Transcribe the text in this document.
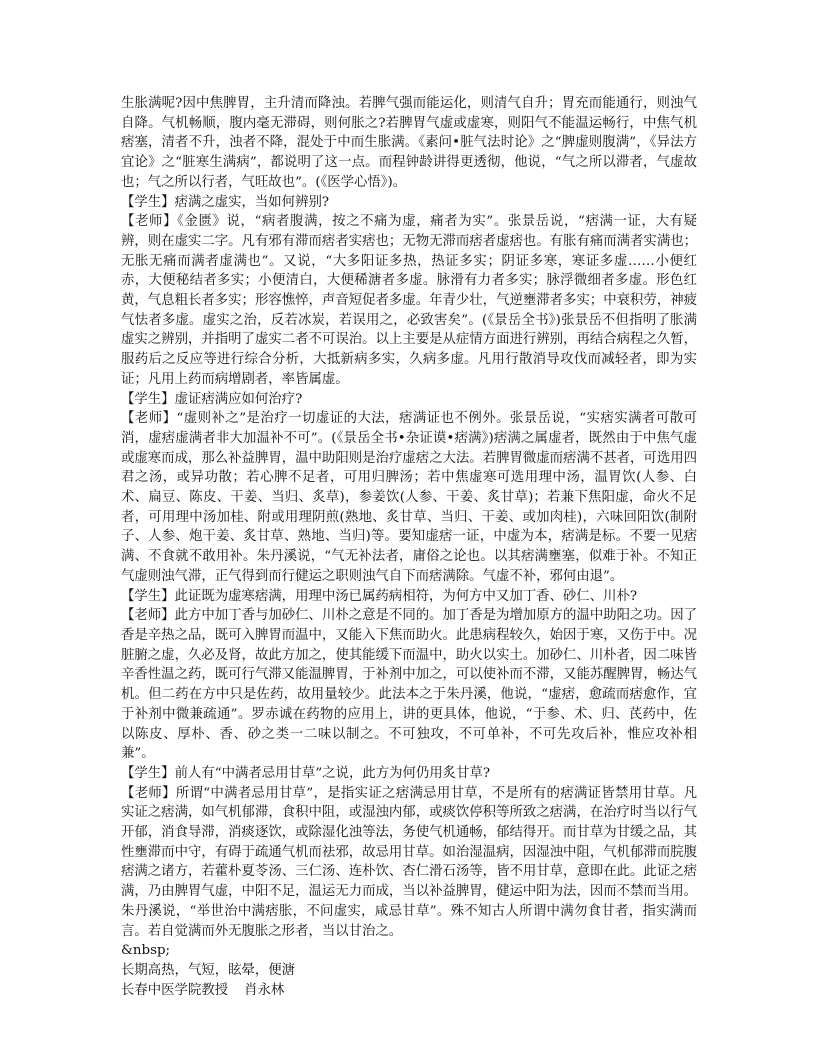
生胀满呢?因中焦脾胃，主升清而降浊。若脾气强而能运化，则清气自升；胃充而能通行，则浊气自降。气机畅顺，腹内毫无滞碍，则何胀之?若脾胃气虚或虚寒，则阳气不能温运畅行，中焦气机痞塞，清者不升，浊者不降，混处于中而生胀满。《素问•脏气法时论》之“脾虚则腹满”，《异法方宜论》之“脏寒生满病”，都说明了这一点。而程钟龄讲得更透彻，他说，“气之所以滞者，气虚故也；气之所以行者，气旺故也”。(《医学心悟》)。

【学生】痞满之虚实，当如何辨别?

【老师】《金匮》说，“病者腹满，按之不痛为虚，痛者为实”。张景岳说，“痞满一证，大有疑辨，则在虚实二字。凡有邪有滞而痞者实痞也；无物无滞而痞者虚痞也。有胀有痛而满者实满也；无胀无痛而满者虚满也”。又说，“大多阳证多热，热证多实；阴证多寒，寒证多虚……小便红赤，大便秘结者多实；小便清白，大便稀溏者多虚。脉滑有力者多实；脉浮微细者多虚。形色红黄，气息粗长者多实；形容憔悴，声音短促者多虚。年青少壮，气逆壅滞者多实；中衰积劳，神疲气怯者多虚。虚实之治，反若冰炭，若误用之，必致害矣”。(《景岳全书》)张景岳不但指明了胀满虚实之辨别，并指明了虚实二者不可误治。以上主要是从症情方面进行辨别，再结合病程之久暂，服药后之反应等进行综合分析，大抵新病多实，久病多虚。凡用行散消导攻伐而减轻者，即为实证；凡用上药而病增剧者，率皆属虚。

【学生】虚证痞满应如何治疗?

【老师】“虚则补之”是治疗一切虚证的大法，痞满证也不例外。张景岳说，“实痞实满者可散可消，虚痞虚满者非大加温补不可”。(《景岳全书•杂证谟•痞满》)痞满之属虚者，既然由于中焦气虚或虚寒而成，那么补益脾胃，温中助阳则是治疗虚痞之大法。若脾胃微虚而痞满不甚者，可选用四君之汤，或异功散；若心脾不足者，可用归脾汤；若中焦虚寒可选用理中汤，温胃饮(人参、白术、扁豆、陈皮、干姜、当归、炙草)，参姜饮(人参、干姜、炙甘草)；若兼下焦阳虚，命火不足者，可用理中汤加桂、附或用理阴煎(熟地、炙甘草、当归、干姜、或加肉桂)，六味回阳饮(制附子、人参、炮干姜、炙甘草、熟地、当归)等。要知虚痞一证，中虚为本，痞满是标。不要一见痞满、不食就不敢用补。朱丹溪说，“气无补法者，庸俗之论也。以其痞满壅塞，似难于补。不知正气虚则浊气滞，正气得到而行健运之职则浊气自下而痞满除。气虚不补，邪何由退”。

【学生】此证既为虚寒痞满，用理中汤已属药病相符，为何方中又加丁香、砂仁、川朴?

【老师】此方中加丁香与加砂仁、川朴之意是不同的。加丁香是为增加原方的温中助阳之功。因了香是辛热之品，既可入脾胃而温中，又能入下焦而助火。此患病程较久，始因于寒，又伤于中。况脏腑之虚，久必及肾，故此方加之，使其能缓下而温中，助火以实土。加砂仁、川朴者，因二味皆辛香性温之药，既可行气滞又能温脾胃，于补剂中加之，可以使补而不滞，又能苏醒脾胃，畅达气机。但二药在方中只是佐药，故用量较少。此法本之于朱丹溪，他说，“虚痞，愈疏而痞愈作，宜于补剂中微兼疏通”。罗赤诚在药物的应用上，讲的更具体，他说，“于参、术、归、芪药中，佐以陈皮、厚朴、香、砂之类一二味以制之。不可独攻，不可单补，不可先攻后补，惟应攻补相兼”。

【学生】前人有“中满者忌用甘草”之说，此方为何仍用炙甘草?

【老师】所谓“中满者忌用甘草”，是指实证之痞满忌用甘草，不是所有的痞满证皆禁用甘草。凡实证之痞满，如气机郁滞，食积中阻，或湿浊内郁，或痰饮停积等所致之痞满，在治疗时当以行气开郁，消食导滞，消痰逐饮，或除湿化浊等法，务使气机通畅，郁结得开。而甘草为甘缓之品，其性壅滞而中守，有碍于疏通气机而祛邪，故忌用甘草。如治湿温病，因湿浊中阻，气机郁滞而脘腹痞满之诸方，若藿朴夏苓汤、三仁汤、连朴饮、杏仁滑石汤等，皆不用甘草，意即在此。此证之痞满，乃由脾胃气虚，中阳不足，温运无力而成，当以补益脾胃，健运中阳为法，因而不禁而当用。朱丹溪说，“举世治中满痞胀，不问虚实，咸忌甘草”。殊不知古人所谓中满勿食甘者，指实满而言。若自觉满而外无腹胀之形者，当以甘治之。

&nbsp;

长期高热，气短，眩晕，便溏

长春中医学院教授 肖永林
